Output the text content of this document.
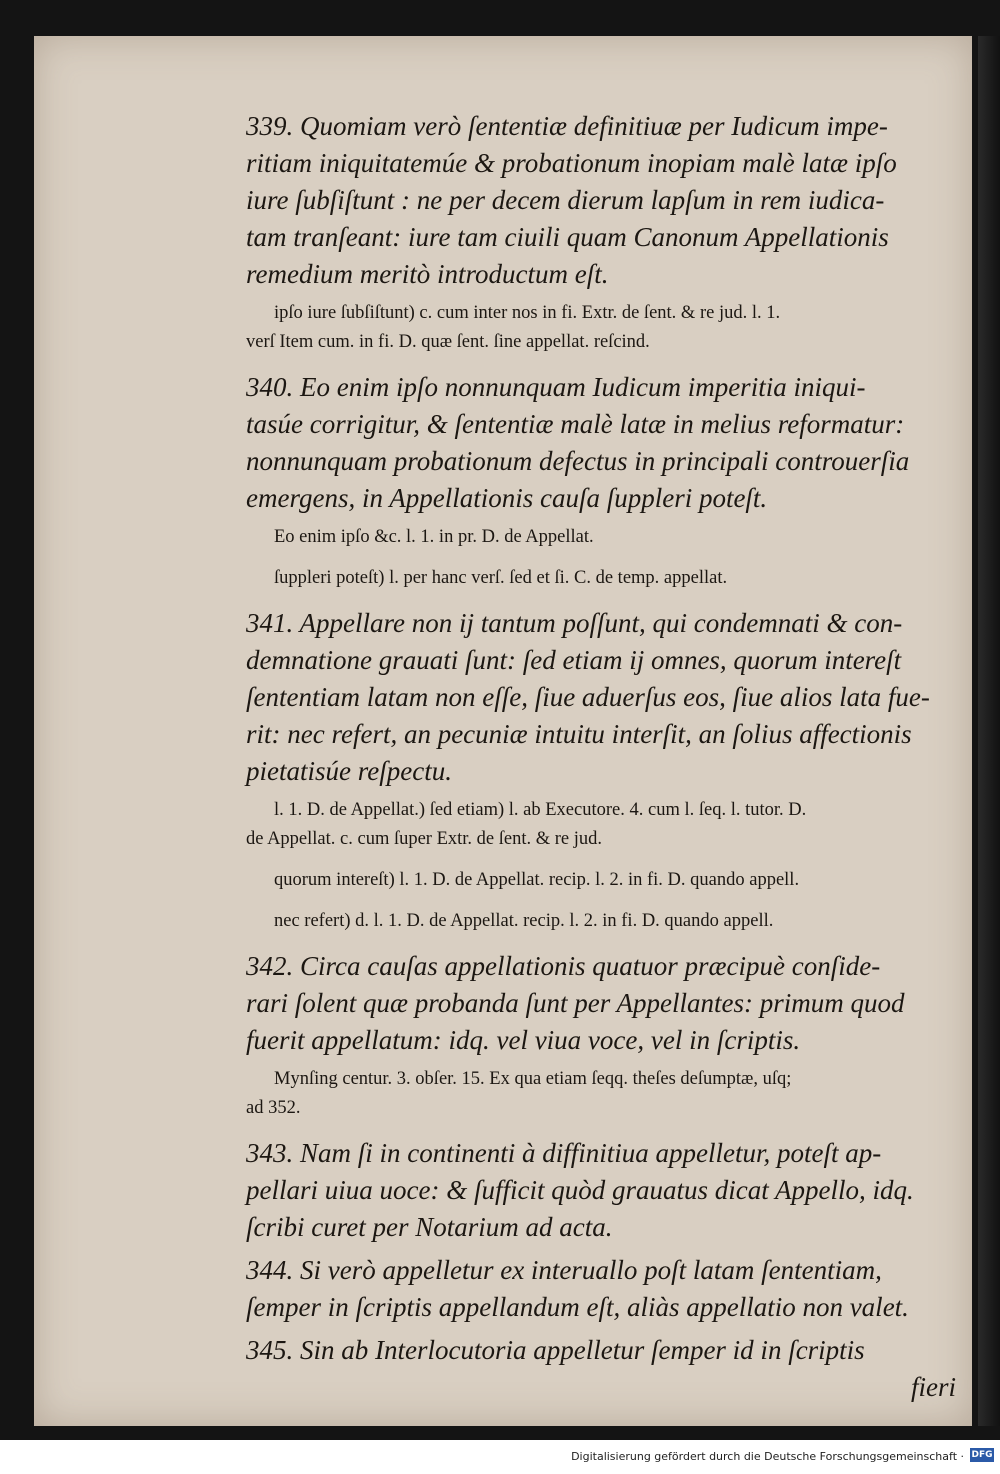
339. Quomiam verò ſententiæ definitiuæ per Iudicum impe-
ritiam iniquitatemúe & probationum inopiam malè latæ ipſo
iure ſubſiſtunt : ne per decem dierum lapſum in rem iudica-
tam tranſeant: iure tam ciuili quam Canonum Appellationis
remedium meritò introductum eſt.
ipſo iure ſubſiſtunt) c. cum inter nos in fi. Extr. de ſent. & re jud. l. 1.
verſ Item cum. in fi. D. quæ ſent. ſine appellat. reſcind.
340. Eo enim ipſo nonnunquam Iudicum imperitia iniqui-
tasúe corrigitur, & ſententiæ malè latæ in melius reformatur:
nonnunquam probationum defectus in principali controuerſia
emergens, in Appellationis cauſa ſuppleri poteſt.
Eo enim ipſo &c. l. 1. in pr. D. de Appellat.
ſuppleri poteſt) l. per hanc verſ. ſed et ſi. C. de temp. appellat.
341. Appellare non ij tantum poſſunt, qui condemnati & con-
demnatione grauati ſunt: ſed etiam ij omnes, quorum intereſt
ſententiam latam non eſſe, ſiue aduerſus eos, ſiue alios lata fue-
rit: nec refert, an pecuniæ intuitu interſit, an ſolius affectionis
pietatisúe reſpectu.
l. 1. D. de Appellat.) ſed etiam) l. ab Executore. 4. cum l. ſeq. l. tutor. D.
de Appellat. c. cum ſuper Extr. de ſent. & re jud.
quorum intereſt) l. 1. D. de Appellat. recip. l. 2. in fi. D. quando appell.
nec refert) d. l. 1. D. de Appellat. recip. l. 2. in fi. D. quando appell.
342. Circa cauſas appellationis quatuor præcipuè conſide-
rari ſolent quæ probanda ſunt per Appellantes: primum quod
fuerit appellatum: idq. vel viua voce, vel in ſcriptis.
Mynſing centur. 3. obſer. 15. Ex qua etiam ſeqq. theſes deſumptæ, uſq;
ad 352.
343. Nam ſi in continenti à diffinitiua appelletur, poteſt ap-
pellari uiua uoce: & ſufficit quòd grauatus dicat Appello, idq.
ſcribi curet per Notarium ad acta.
344. Si verò appelletur ex interuallo poſt latam ſententiam,
ſemper in ſcriptis appellandum eſt, aliàs appellatio non valet.
345. Sin ab Interlocutoria appelletur ſemper id in ſcriptis
fieri
Digitalisierung gefördert durch die Deutsche Forschungsgemeinschaft · DFG
